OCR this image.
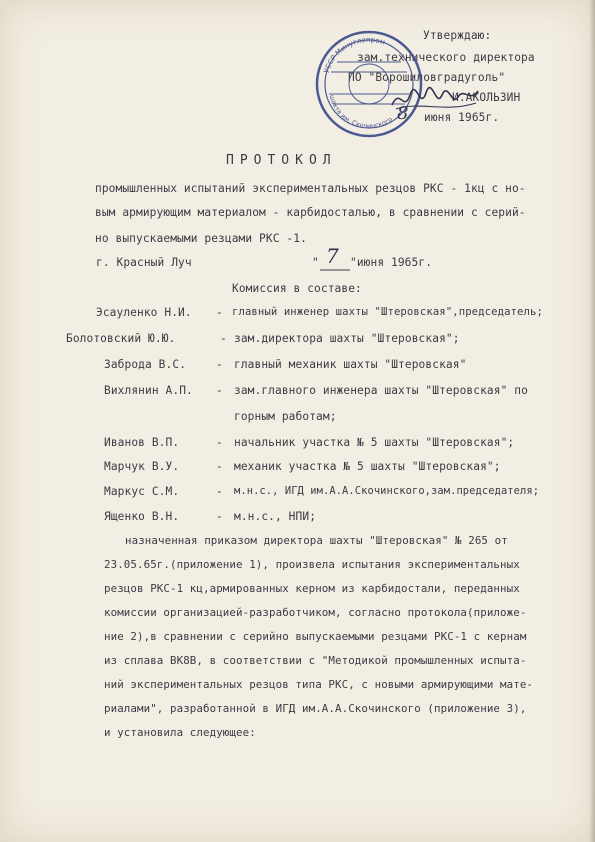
Утверждаю:
зам.технического директора
ПО "Ворошиловградуголь"
И.АКОЛЬЗИН
8 июня 1965г.
УССР Минуглепром
шахта им. Скочинского
ПРОТОКОЛ
промышленных испытаний экспериментальных резцов РКС - 1кц с но-
вым армирующим материалом - карбидосталью, в сравнении с серий-
но выпускаемыми резцами РКС -1.
г. Красный Луч	" 7 "июня 1965г.
Комиссия в составе:
Эсауленко Н.И. - главный инженер шахты "Штеровская",председатель;
Болотовский Ю.Ю.	- зам.директора шахты "Штеровская";
Забродa В.С.	- главный механик шахты "Штеровская"
Вихлянин А.П. - зам.главного инженера шахты "Штеровская" по
горным работам;
Иванов В.П.	- начальник участка № 5 шахты "Штеровская";
Марчук В.У.	- механик участка № 5 шахты "Штеровская";
Маркус С.М.	- м.н.с., ИГД им.А.А.Скочинского,зам.председателя;
Ященко В.Н.	- м.н.с., НПИ;
назначенная приказом директора шахты "Штеровская" № 265 от
23.05.65г.(приложение 1), произвела испытания экспериментальных
резцов РКС-1 кц,армированных керном из карбидостали, переданных
комиссии организацией-разработчиком, согласно протокола(приложе-
ние 2),в сравнении с серийно выпускаемыми резцами РКС-1 с кернам
из сплава ВК8В, в соответствии с "Методикой промышленных испыта-
ний экспериментальных резцов типа РКС, с новыми армирующими мате-
риалами", разработанной в ИГД им.А.А.Скочинского (приложение 3),
и установила следующее:
